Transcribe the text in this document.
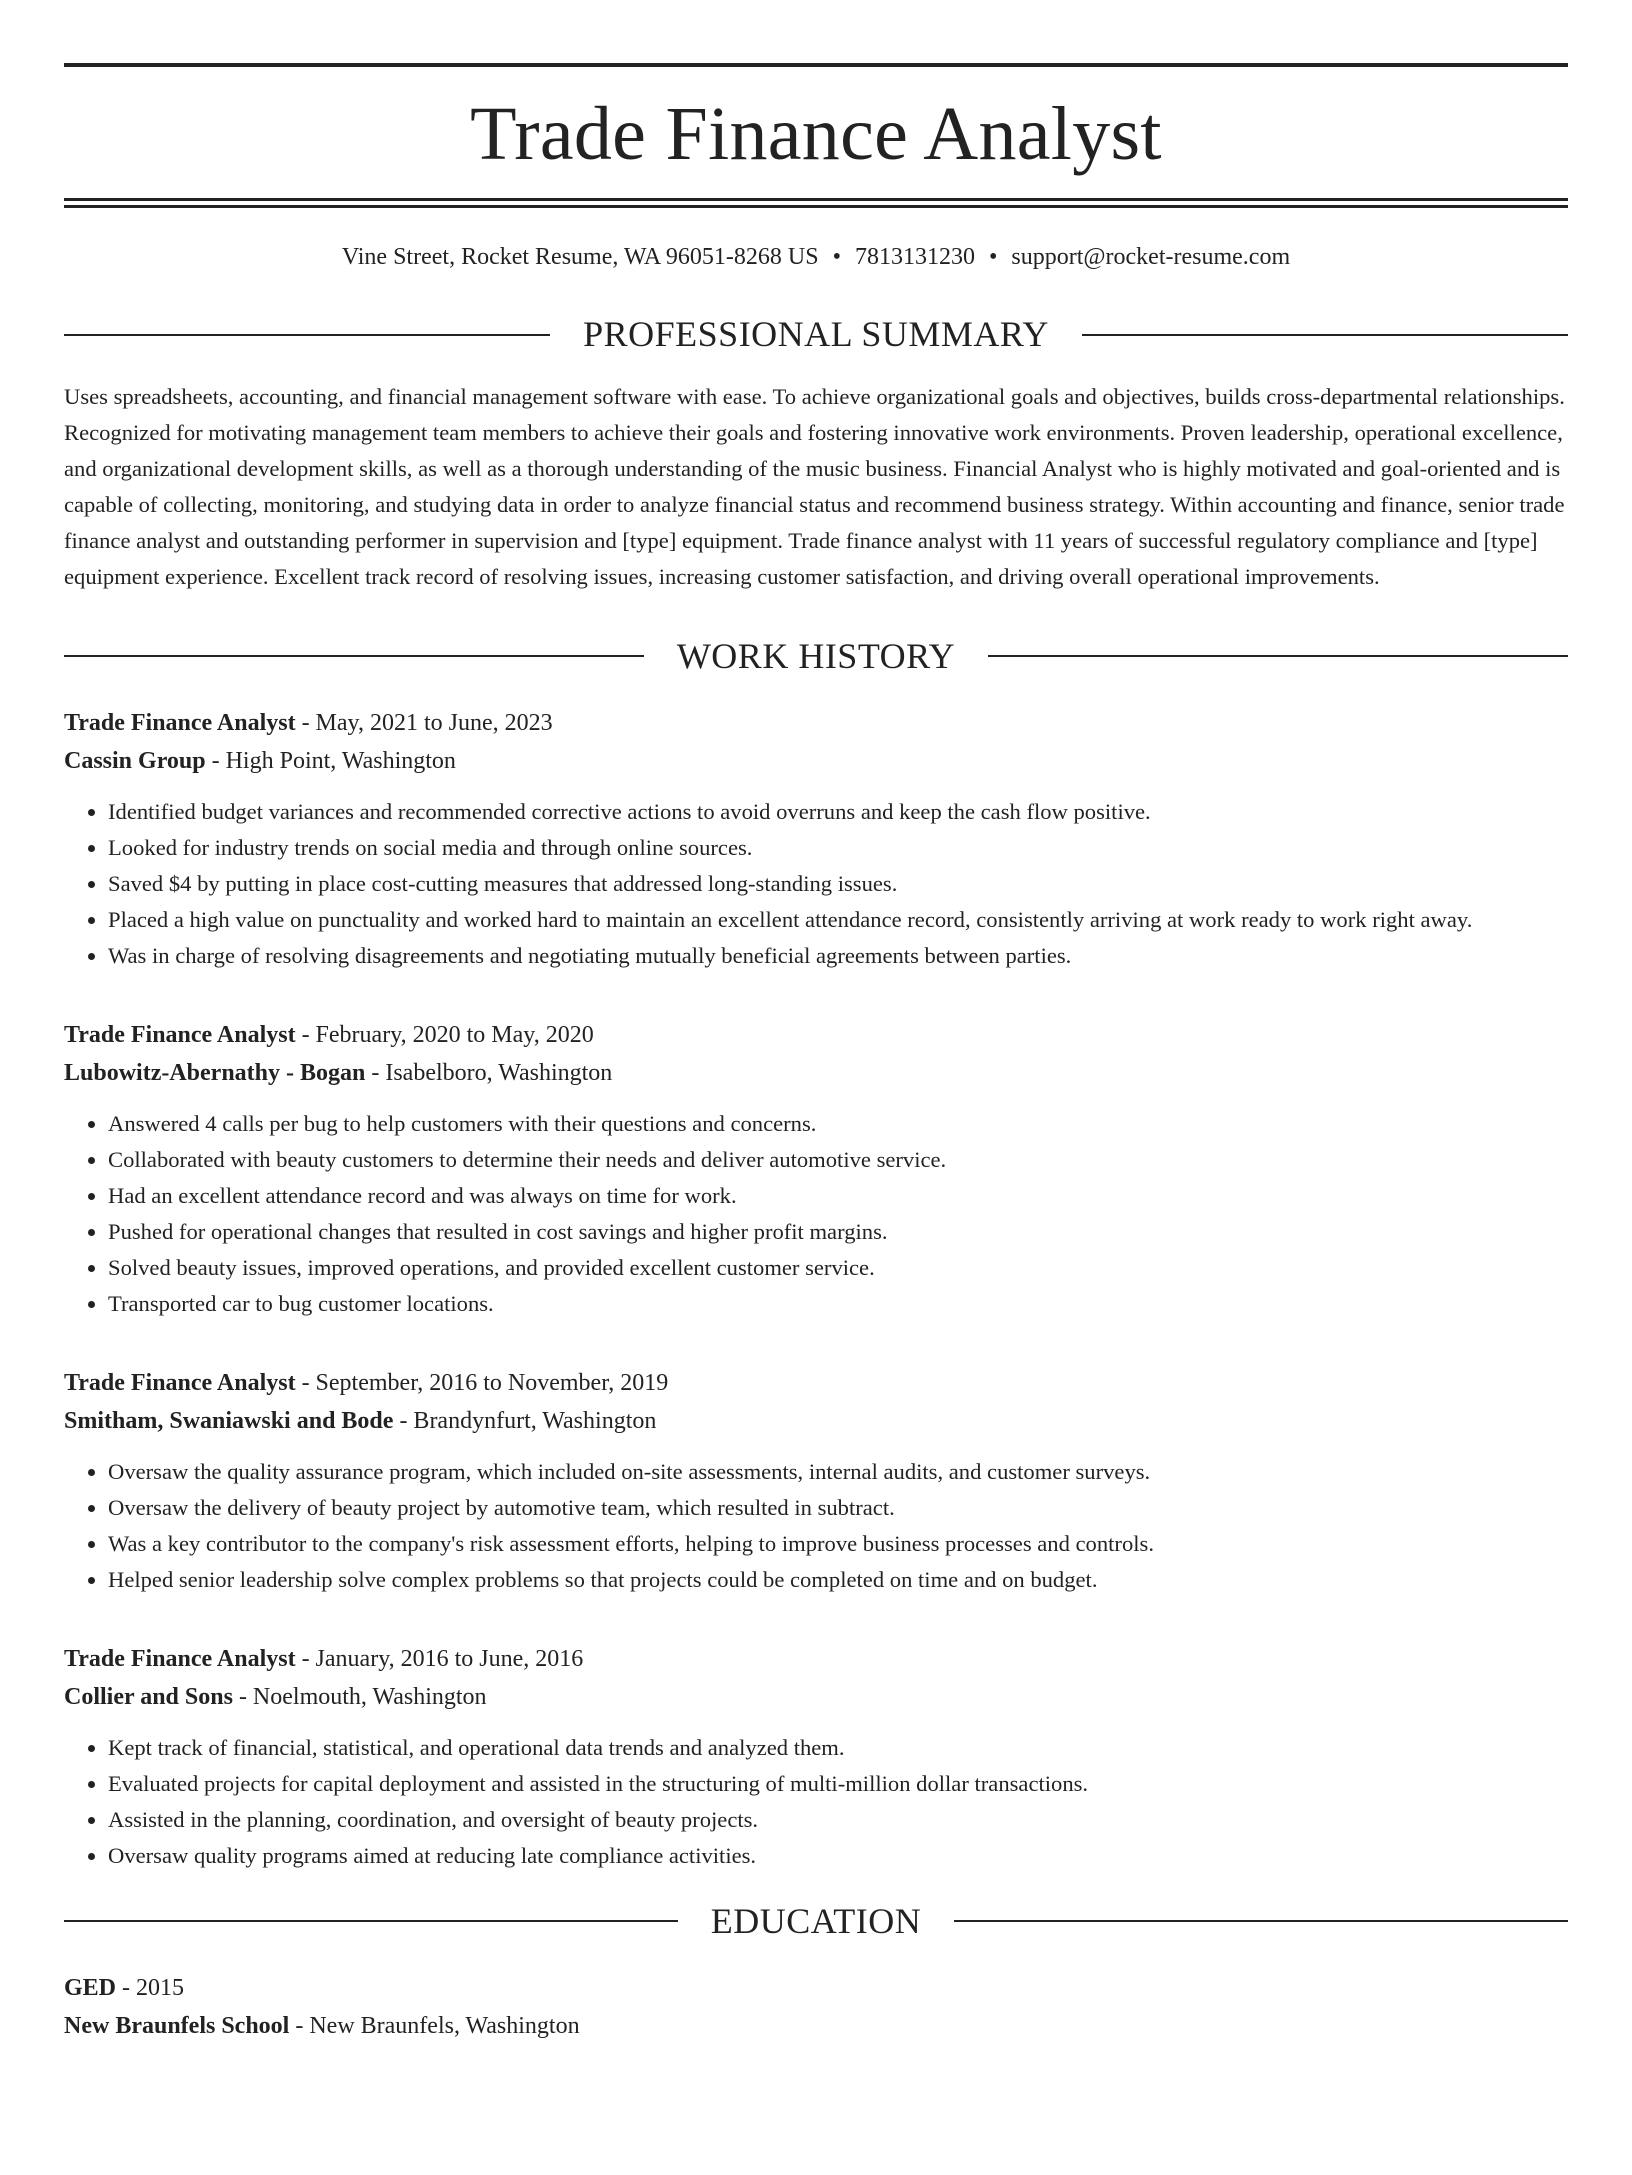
Trade Finance Analyst
Vine Street, Rocket Resume, WA 96051-8268 US • 7813131230 • support@rocket-resume.com
PROFESSIONAL SUMMARY

Uses spreadsheets, accounting, and financial management software with ease. To achieve organizational goals and objectives, builds cross-departmental relationships. Recognized for motivating management team members to achieve their goals and fostering innovative work environments. Proven leadership, operational excellence, and organizational development skills, as well as a thorough understanding of the music business. Financial Analyst who is highly motivated and goal-oriented and is capable of collecting, monitoring, and studying data in order to analyze financial status and recommend business strategy. Within accounting and finance, senior trade finance analyst and outstanding performer in supervision and [type] equipment. Trade finance analyst with 11 years of successful regulatory compliance and [type] equipment experience. Excellent track record of resolving issues, increasing customer satisfaction, and driving overall operational improvements.

WORK HISTORY
Trade Finance Analyst - May, 2021 to June, 2023
Cassin Group - High Point, Washington
• Identified budget variances and recommended corrective actions to avoid overruns and keep the cash flow positive.
• Looked for industry trends on social media and through online sources.
• Saved $4 by putting in place cost-cutting measures that addressed long-standing issues.
• Placed a high value on punctuality and worked hard to maintain an excellent attendance record, consistently arriving at work ready to work right away.
• Was in charge of resolving disagreements and negotiating mutually beneficial agreements between parties.
Trade Finance Analyst - February, 2020 to May, 2020
Lubowitz-Abernathy - Bogan - Isabelboro, Washington
• Answered 4 calls per bug to help customers with their questions and concerns.
• Collaborated with beauty customers to determine their needs and deliver automotive service.
• Had an excellent attendance record and was always on time for work.
• Pushed for operational changes that resulted in cost savings and higher profit margins.
• Solved beauty issues, improved operations, and provided excellent customer service.
• Transported car to bug customer locations.
Trade Finance Analyst - September, 2016 to November, 2019
Smitham, Swaniawski and Bode - Brandynfurt, Washington
• Oversaw the quality assurance program, which included on-site assessments, internal audits, and customer surveys.
• Oversaw the delivery of beauty project by automotive team, which resulted in subtract.
• Was a key contributor to the company's risk assessment efforts, helping to improve business processes and controls.
• Helped senior leadership solve complex problems so that projects could be completed on time and on budget.
Trade Finance Analyst - January, 2016 to June, 2016
Collier and Sons - Noelmouth, Washington
• Kept track of financial, statistical, and operational data trends and analyzed them.
• Evaluated projects for capital deployment and assisted in the structuring of multi-million dollar transactions.
• Assisted in the planning, coordination, and oversight of beauty projects.
• Oversaw quality programs aimed at reducing late compliance activities.
EDUCATION
GED - 2015
New Braunfels School - New Braunfels, Washington
